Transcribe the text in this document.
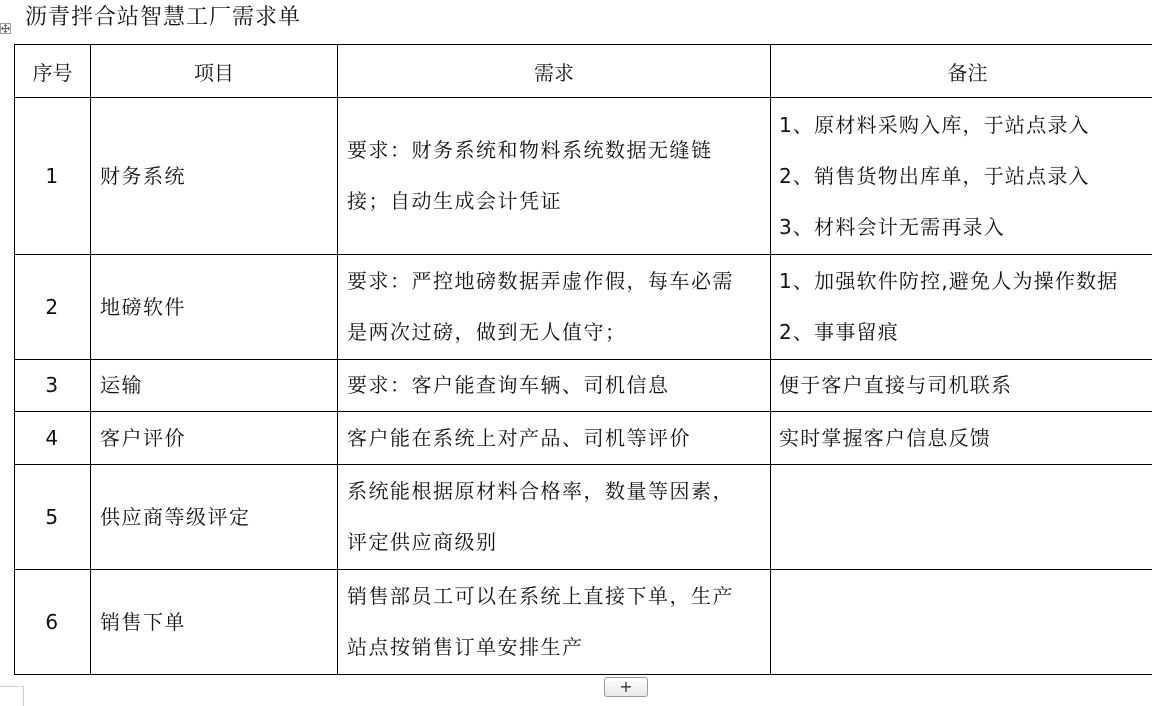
沥青拌合站智慧工厂需求单
序号	项目	需求	备注
1	财务系统	要求：财务系统和物料系统数据无缝链
接；自动生成会计凭证	1、原材料采购入库，于站点录入
2、销售货物出库单，于站点录入
3、材料会计无需再录入

2	地磅软件	要求：严控地磅数据弄虚作假，每车必需
是两次过磅，做到无人值守；	1、加强软件防控,避免人为操作数据
2、事事留痕

3	运输	要求：客户能查询车辆、司机信息	便于客户直接与司机联系

4	客户评价	客户能在系统上对产品、司机等评价	实时掌握客户信息反馈

5	供应商等级评定	系统能根据原材料合格率，数量等因素，
评定供应商级别	

6	销售下单	销售部员工可以在系统上直接下单，生产
站点按销售订单安排生产	

+
